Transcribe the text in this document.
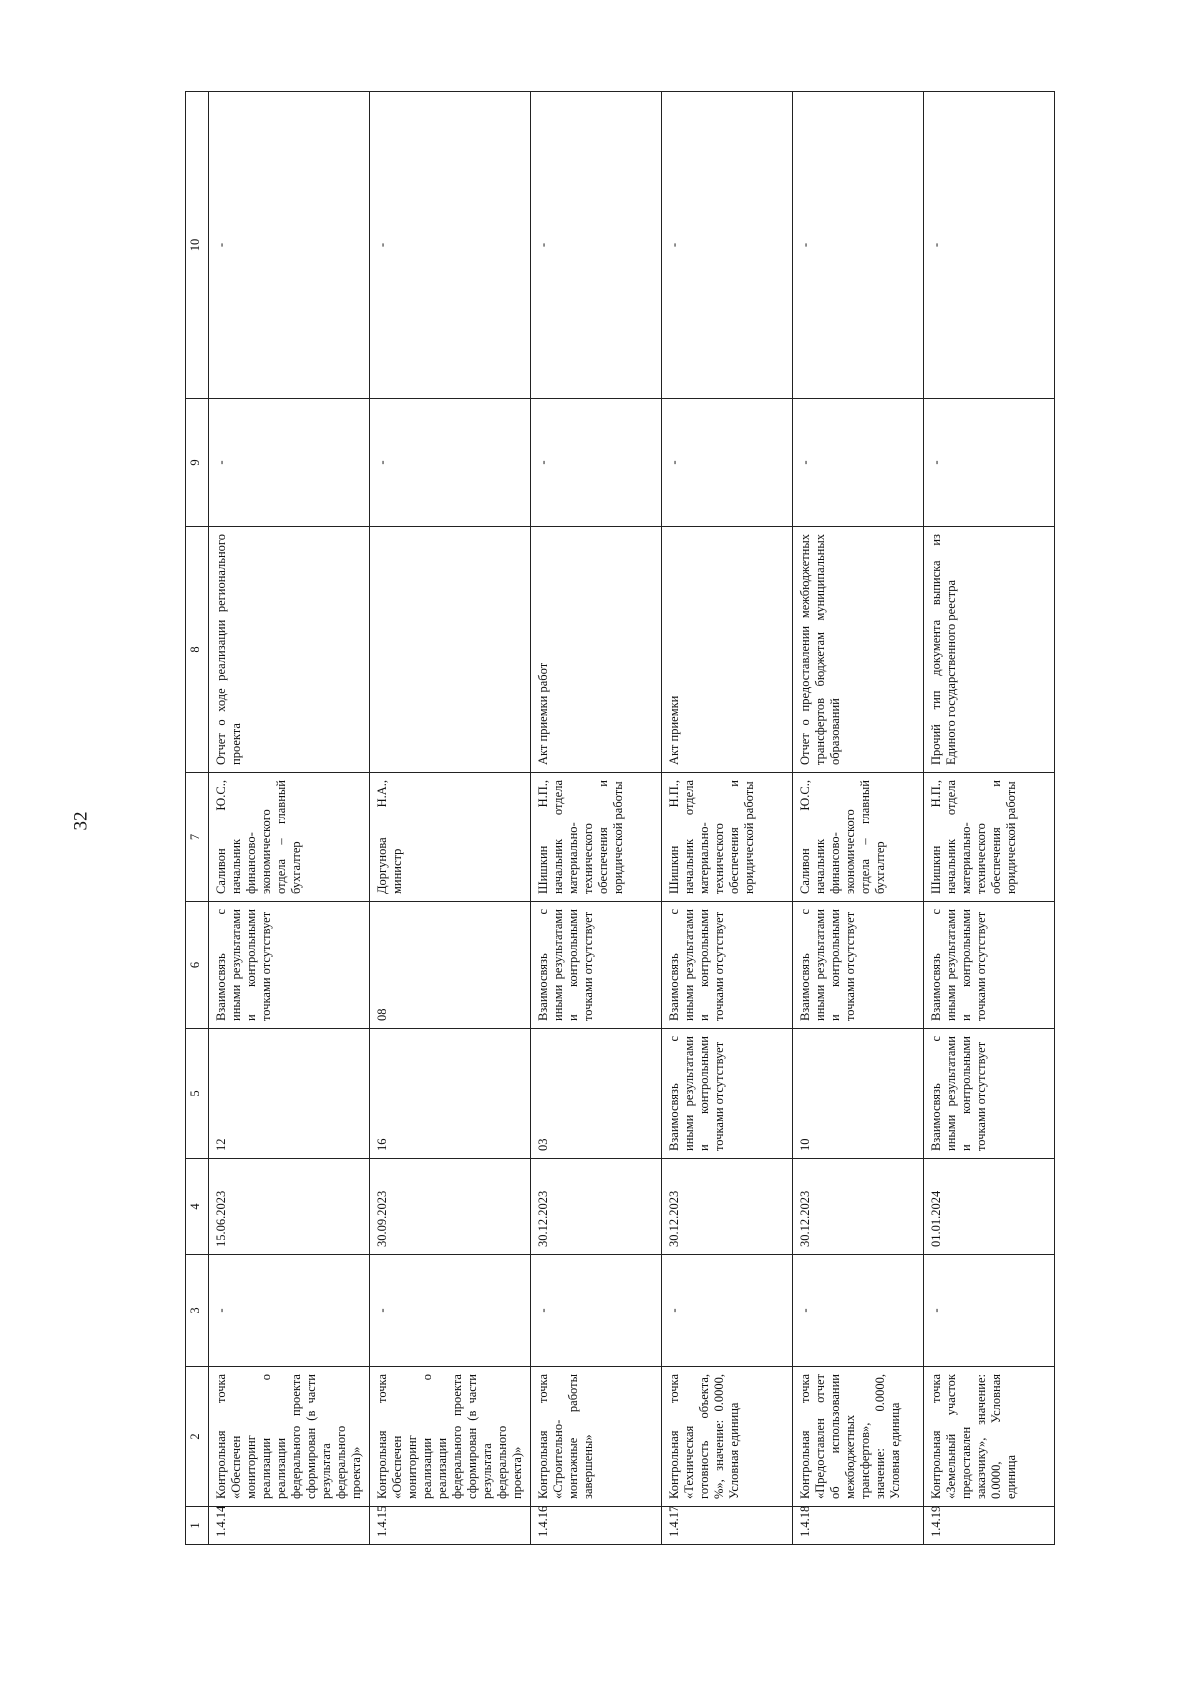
32
1	2	3	4	5	6	7	8	9	10
1.4.14	Контрольная точка «Обеспечен мониторинг реализации о реализации федерального проекта сформирован (в части результата федерального проекта)»	-	15.06.2023	12	Взаимосвязь с иными результатами и контрольными точками отсутствует	Саливон Ю.С., начальник финансово-экономического отдела – главный бухгалтер	Отчет о ходе реализации регионального проекта	-	-
1.4.15	Контрольная точка «Обеспечен мониторинг реализации о реализации федерального проекта сформирован (в части результата федерального проекта)»	-	30.09.2023	16	08	Доргунова Н.А., министр		-	-
1.4.16	Контрольная точка «Строительно-монтажные работы завершены»	-	30.12.2023	03	Взаимосвязь с иными результатами и контрольными точками отсутствует	Шишкин Н.П., начальник отдела материально-технического обеспечения и юридической работы	Акт приемки работ	-	-
1.4.17	Контрольная точка «Техническая готовность объекта, %», значение: 0.0000, Условная единица	-	30.12.2023	Взаимосвязь с иными результатами и контрольными точками отсутствует	Взаимосвязь с иными результатами и контрольными точками отсутствует	Шишкин Н.П., начальник отдела материально-технического обеспечения и юридической работы	Акт приемки	-	-
1.4.18	Контрольная точка «Предоставлен отчет об использовании межбюджетных трансфертов», значение: 0.0000, Условная единица	-	30.12.2023	10	Взаимосвязь с иными результатами и контрольными точками отсутствует	Саливон Ю.С., начальник финансово-экономического отдела – главный бухгалтер	Отчет о предоставлении межбюджетных трансфертов бюджетам муниципальных образований	-	-
1.4.19	Контрольная точка «Земельный участок предоставлен заказчику», значение: 0.0000, Условная единица	-	01.01.2024	Взаимосвязь с иными результатами и контрольными точками отсутствует	Взаимосвязь с иными результатами и контрольными точками отсутствует	Шишкин Н.П., начальник отдела материально-технического обеспечения и юридической работы	Прочий тип документа выписка из Единого государственного реестра	-	-
